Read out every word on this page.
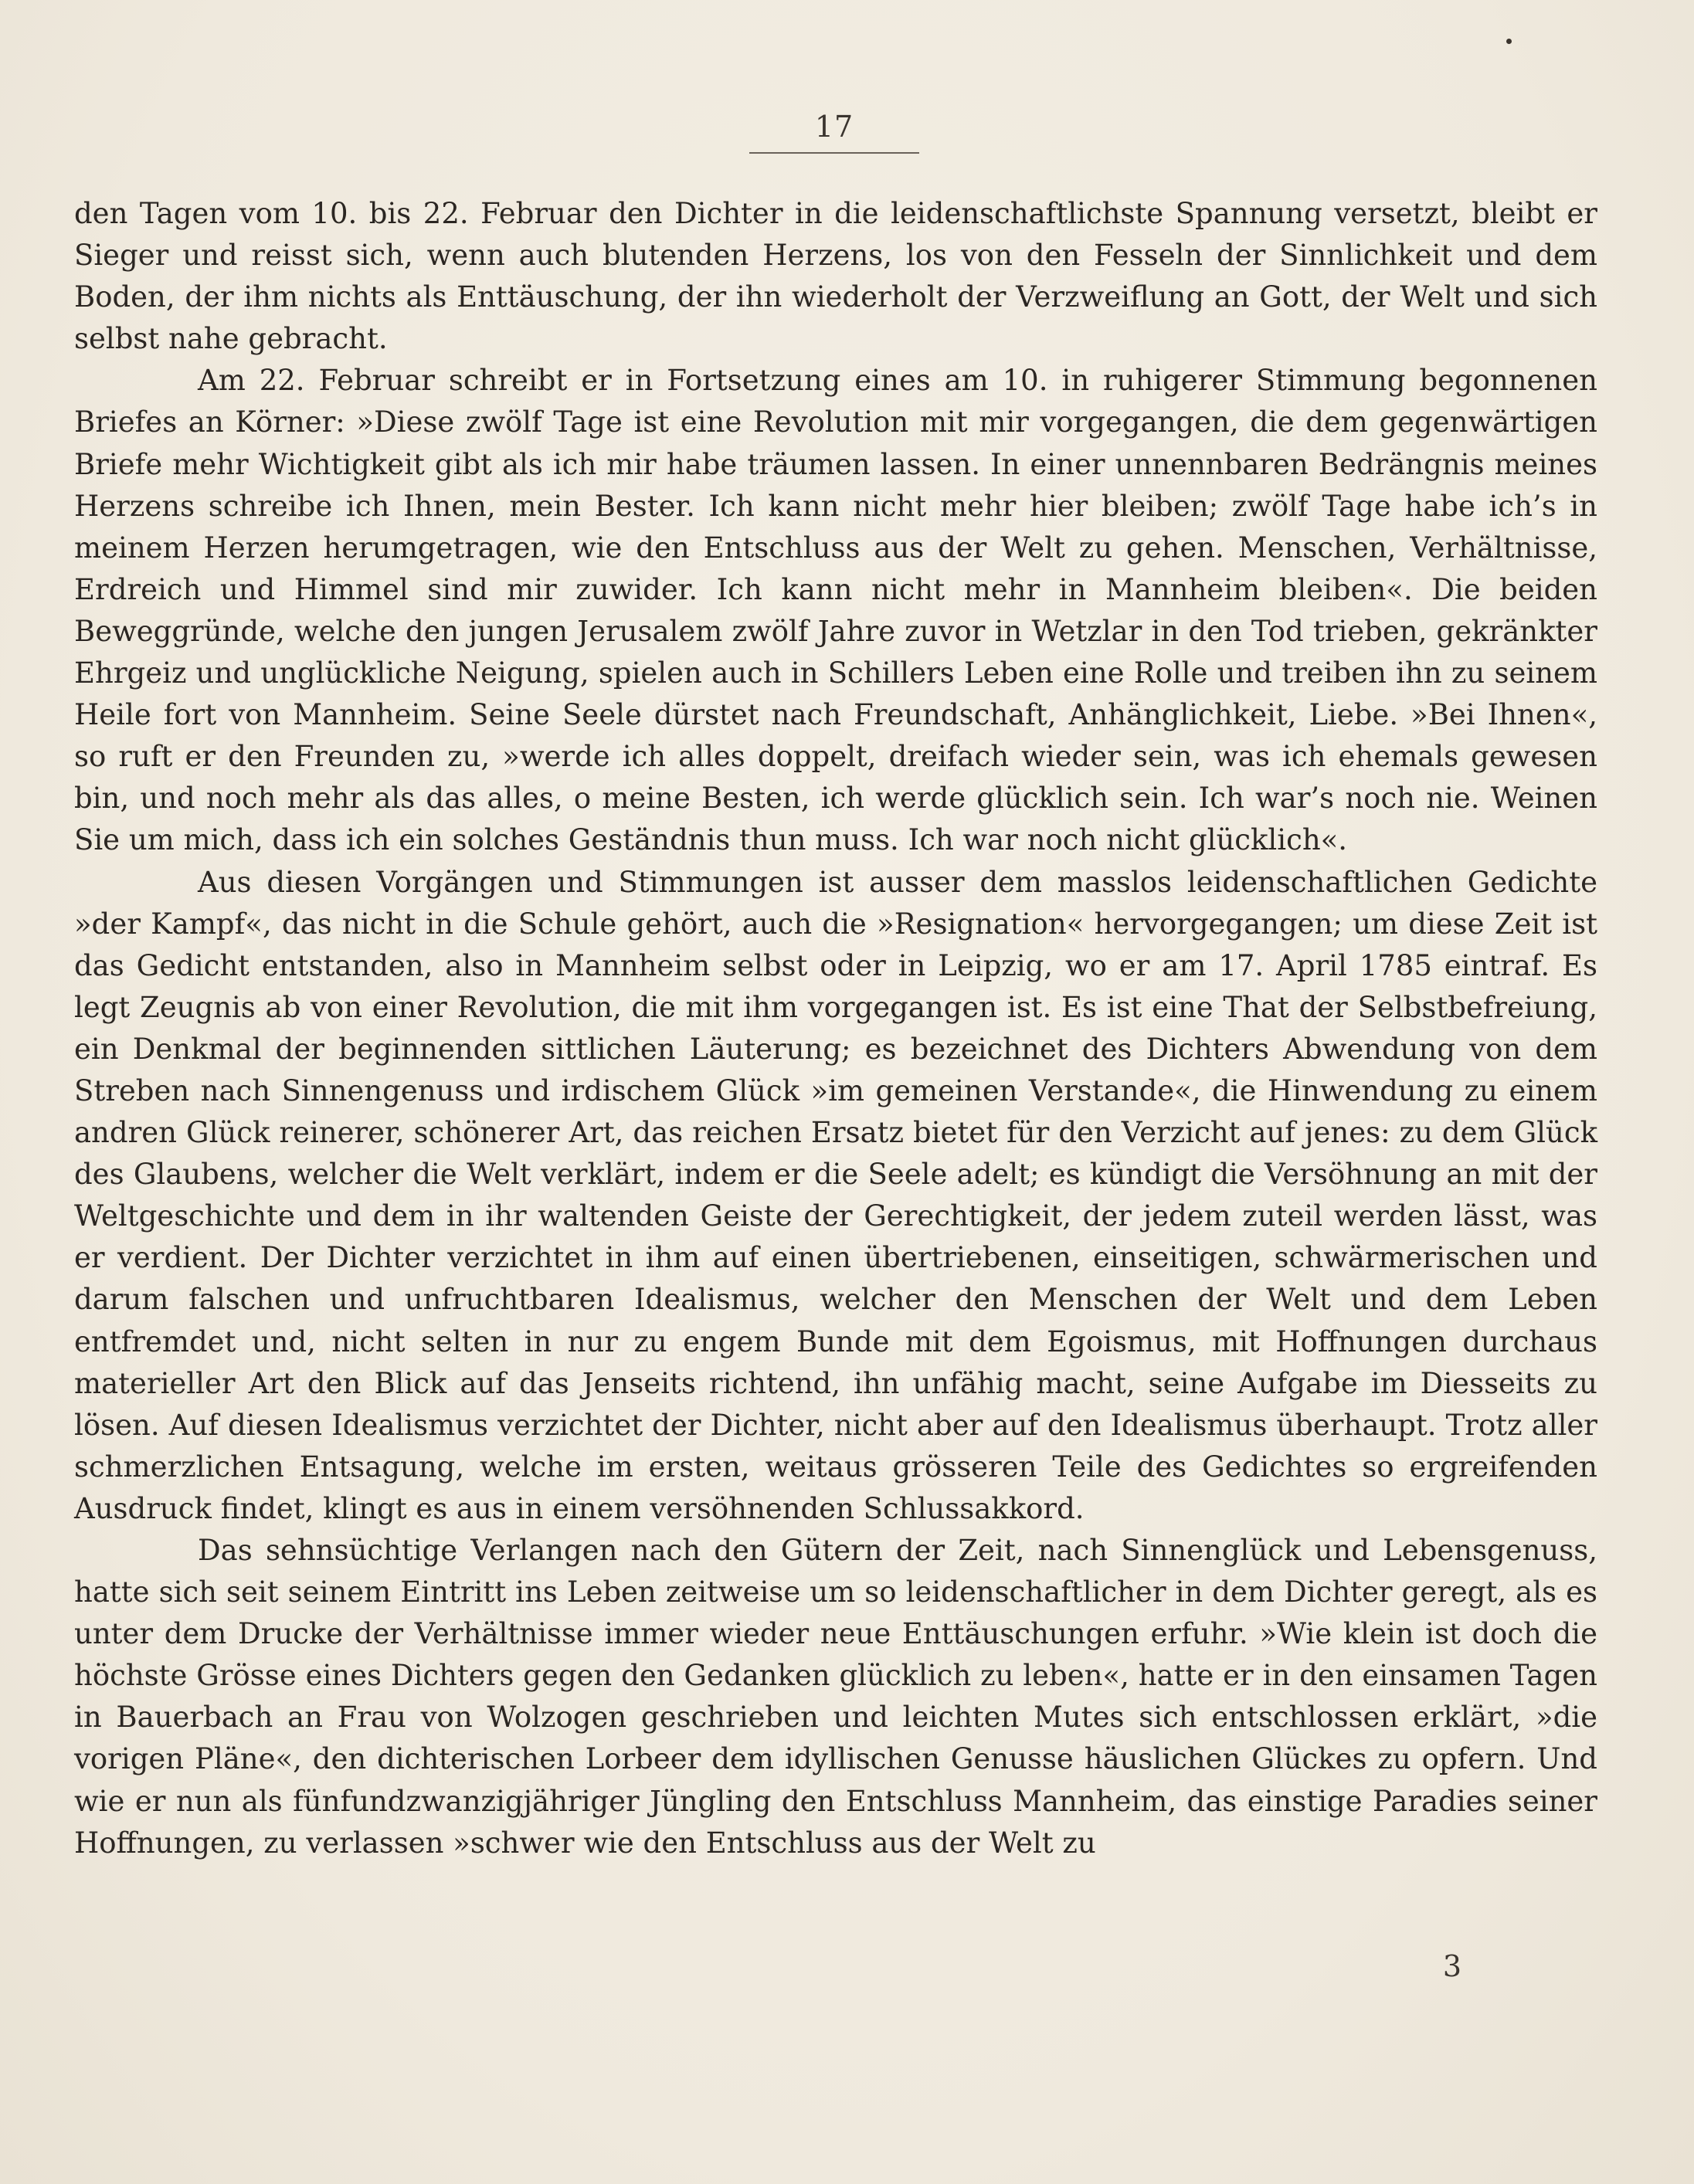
17

den Tagen vom 10. bis 22. Februar den Dichter in die leidenschaftlichste Spannung versetzt, bleibt er Sieger und reisst sich, wenn auch blutenden Herzens, los von den Fesseln der Sinnlichkeit und dem Boden, der ihm nichts als Enttäuschung, der ihn wiederholt der Verzweiflung an Gott, der Welt und sich selbst nahe gebracht.

Am 22. Februar schreibt er in Fortsetzung eines am 10. in ruhigerer Stimmung begonnenen Briefes an Körner: »Diese zwölf Tage ist eine Revolution mit mir vorgegangen, die dem gegenwärtigen Briefe mehr Wichtigkeit gibt als ich mir habe träumen lassen. In einer unnennbaren Bedrängnis meines Herzens schreibe ich Ihnen, mein Bester. Ich kann nicht mehr hier bleiben; zwölf Tage habe ich’s in meinem Herzen herumgetragen, wie den Entschluss aus der Welt zu gehen. Menschen, Verhältnisse, Erdreich und Himmel sind mir zuwider. Ich kann nicht mehr in Mannheim bleiben«. Die beiden Beweggründe, welche den jungen Jerusalem zwölf Jahre zuvor in Wetzlar in den Tod trieben, gekränkter Ehrgeiz und unglückliche Neigung, spielen auch in Schillers Leben eine Rolle und treiben ihn zu seinem Heile fort von Mannheim. Seine Seele dürstet nach Freundschaft, Anhänglichkeit, Liebe. »Bei Ihnen«, so ruft er den Freunden zu, »werde ich alles doppelt, dreifach wieder sein, was ich ehemals gewesen bin, und noch mehr als das alles, o meine Besten, ich werde glücklich sein. Ich war’s noch nie. Weinen Sie um mich, dass ich ein solches Geständnis thun muss. Ich war noch nicht glücklich«.

Aus diesen Vorgängen und Stimmungen ist ausser dem masslos leidenschaftlichen Gedichte »der Kampf«, das nicht in die Schule gehört, auch die »Resignation« hervorgegangen; um diese Zeit ist das Gedicht entstanden, also in Mannheim selbst oder in Leipzig, wo er am 17. April 1785 eintraf. Es legt Zeugnis ab von einer Revolution, die mit ihm vorgegangen ist. Es ist eine That der Selbstbefreiung, ein Denkmal der beginnenden sittlichen Läuterung; es bezeichnet des Dichters Abwendung von dem Streben nach Sinnengenuss und irdischem Glück »im gemeinen Verstande«, die Hinwendung zu einem andren Glück reinerer, schönerer Art, das reichen Ersatz bietet für den Verzicht auf jenes: zu dem Glück des Glaubens, welcher die Welt verklärt, indem er die Seele adelt; es kündigt die Versöhnung an mit der Weltgeschichte und dem in ihr waltenden Geiste der Gerechtigkeit, der jedem zuteil werden lässt, was er verdient. Der Dichter verzichtet in ihm auf einen übertriebenen, einseitigen, schwärmerischen und darum falschen und unfruchtbaren Idealismus, welcher den Menschen der Welt und dem Leben entfremdet und, nicht selten in nur zu engem Bunde mit dem Egoismus, mit Hoffnungen durchaus materieller Art den Blick auf das Jenseits richtend, ihn unfähig macht, seine Aufgabe im Diesseits zu lösen. Auf diesen Idealismus verzichtet der Dichter, nicht aber auf den Idealismus überhaupt. Trotz aller schmerzlichen Entsagung, welche im ersten, weitaus grösseren Teile des Gedichtes so ergreifenden Ausdruck findet, klingt es aus in einem versöhnenden Schlussakkord.

Das sehnsüchtige Verlangen nach den Gütern der Zeit, nach Sinnenglück und Lebensgenuss, hatte sich seit seinem Eintritt ins Leben zeitweise um so leidenschaftlicher in dem Dichter geregt, als es unter dem Drucke der Verhältnisse immer wieder neue Enttäuschungen erfuhr. »Wie klein ist doch die höchste Grösse eines Dichters gegen den Gedanken glücklich zu leben«, hatte er in den einsamen Tagen in Bauerbach an Frau von Wolzogen geschrieben und leichten Mutes sich entschlossen erklärt, »die vorigen Pläne«, den dichterischen Lorbeer dem idyllischen Genusse häuslichen Glückes zu opfern. Und wie er nun als fünfundzwanzigjähriger Jüngling den Entschluss Mannheim, das einstige Paradies seiner Hoffnungen, zu verlassen »schwer wie den Entschluss aus der Welt zu

3
